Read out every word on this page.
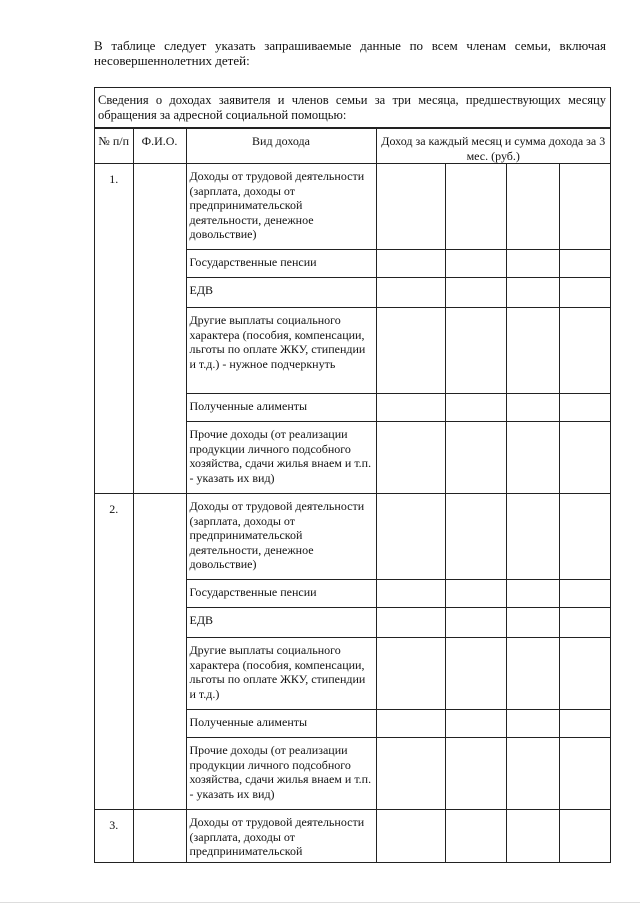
В таблице следует указать запрашиваемые данные по всем членам семьи, включая несовершеннолетних детей:

Сведения о доходах заявителя и членов семьи за три месяца, предшествующих месяцу обращения за адресной социальной помощью:
№ п/п	Ф.И.О.	Вид дохода	Доход за каждый месяц и сумма дохода за 3 мес. (руб.)			
1.		Доходы от трудовой деятельности (зарплата, доходы от предпринимательской деятельности, денежное довольствие)				
		Государственные пенсии				
		ЕДВ				
		Другие выплаты социального характера (пособия, компенсации, льготы по оплате ЖКУ, стипендии и т.д.) - нужное подчеркнуть				
		Полученные алименты				
		Прочие доходы (от реализации продукции личного подсобного хозяйства, сдачи жилья внаем и т.п. - указать их вид)				
2.		Доходы от трудовой деятельности (зарплата, доходы от предпринимательской деятельности, денежное довольствие)				
		Государственные пенсии				
		ЕДВ				
		Другие выплаты социального характера (пособия, компенсации, льготы по оплате ЖКУ, стипендии и т.д.)				
		Полученные алименты				
		Прочие доходы (от реализации продукции личного подсобного хозяйства, сдачи жилья внаем и т.п. - указать их вид)				
3.		Доходы от трудовой деятельности (зарплата, доходы от предпринимательской				
